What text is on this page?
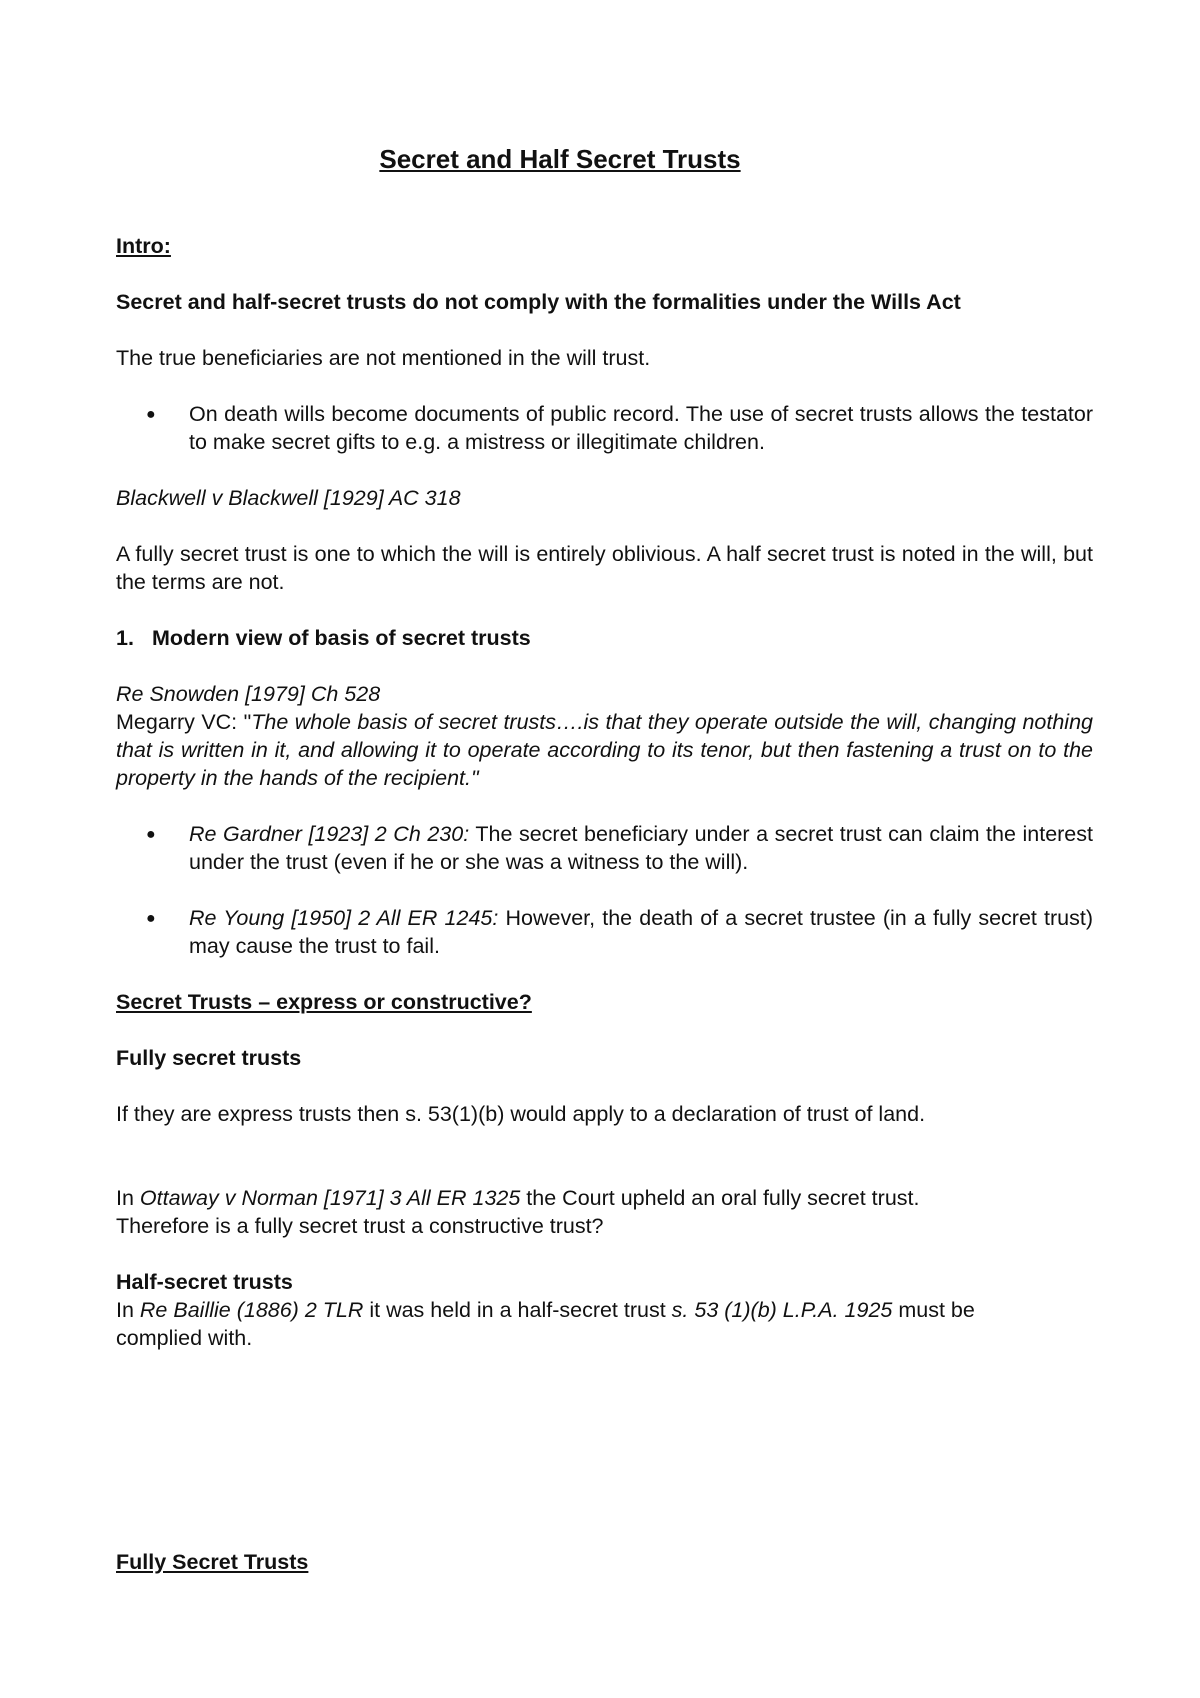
Secret and Half Secret Trusts
Intro:
Secret and half-secret trusts do not comply with the formalities under the Wills Act
The true beneficiaries are not mentioned in the will trust.
●	On death wills become documents of public record. The use of secret trusts allows the testator to make secret gifts to e.g. a mistress or illegitimate children.

Blackwell v Blackwell [1929] AC 318

A fully secret trust is one to which the will is entirely oblivious. A half secret trust is noted in the will, but the terms are not.

1. Modern view of basis of secret trusts
Re Snowden [1979] Ch 528

Megarry VC: "The whole basis of secret trusts….is that they operate outside the will, changing nothing that is written in it, and allowing it to operate according to its tenor, but then fastening a trust on to the property in the hands of the recipient."

●	Re Gardner [1923] 2 Ch 230: The secret beneficiary under a secret trust can claim the interest under the trust (even if he or she was a witness to the will).

●	Re Young [1950] 2 All ER 1245: However, the death of a secret trustee (in a fully secret trust) may cause the trust to fail.

Secret Trusts – express or constructive?
Fully secret trusts

If they are express trusts then s. 53(1)(b) would apply to a declaration of trust of land.

In Ottaway v Norman [1971] 3 All ER 1325 the Court upheld an oral fully secret trust. Therefore is a fully secret trust a constructive trust?

Half-secret trusts

In Re Baillie (1886) 2 TLR it was held in a half-secret trust s. 53 (1)(b) L.P.A. 1925 must be complied with.

Fully Secret Trusts
